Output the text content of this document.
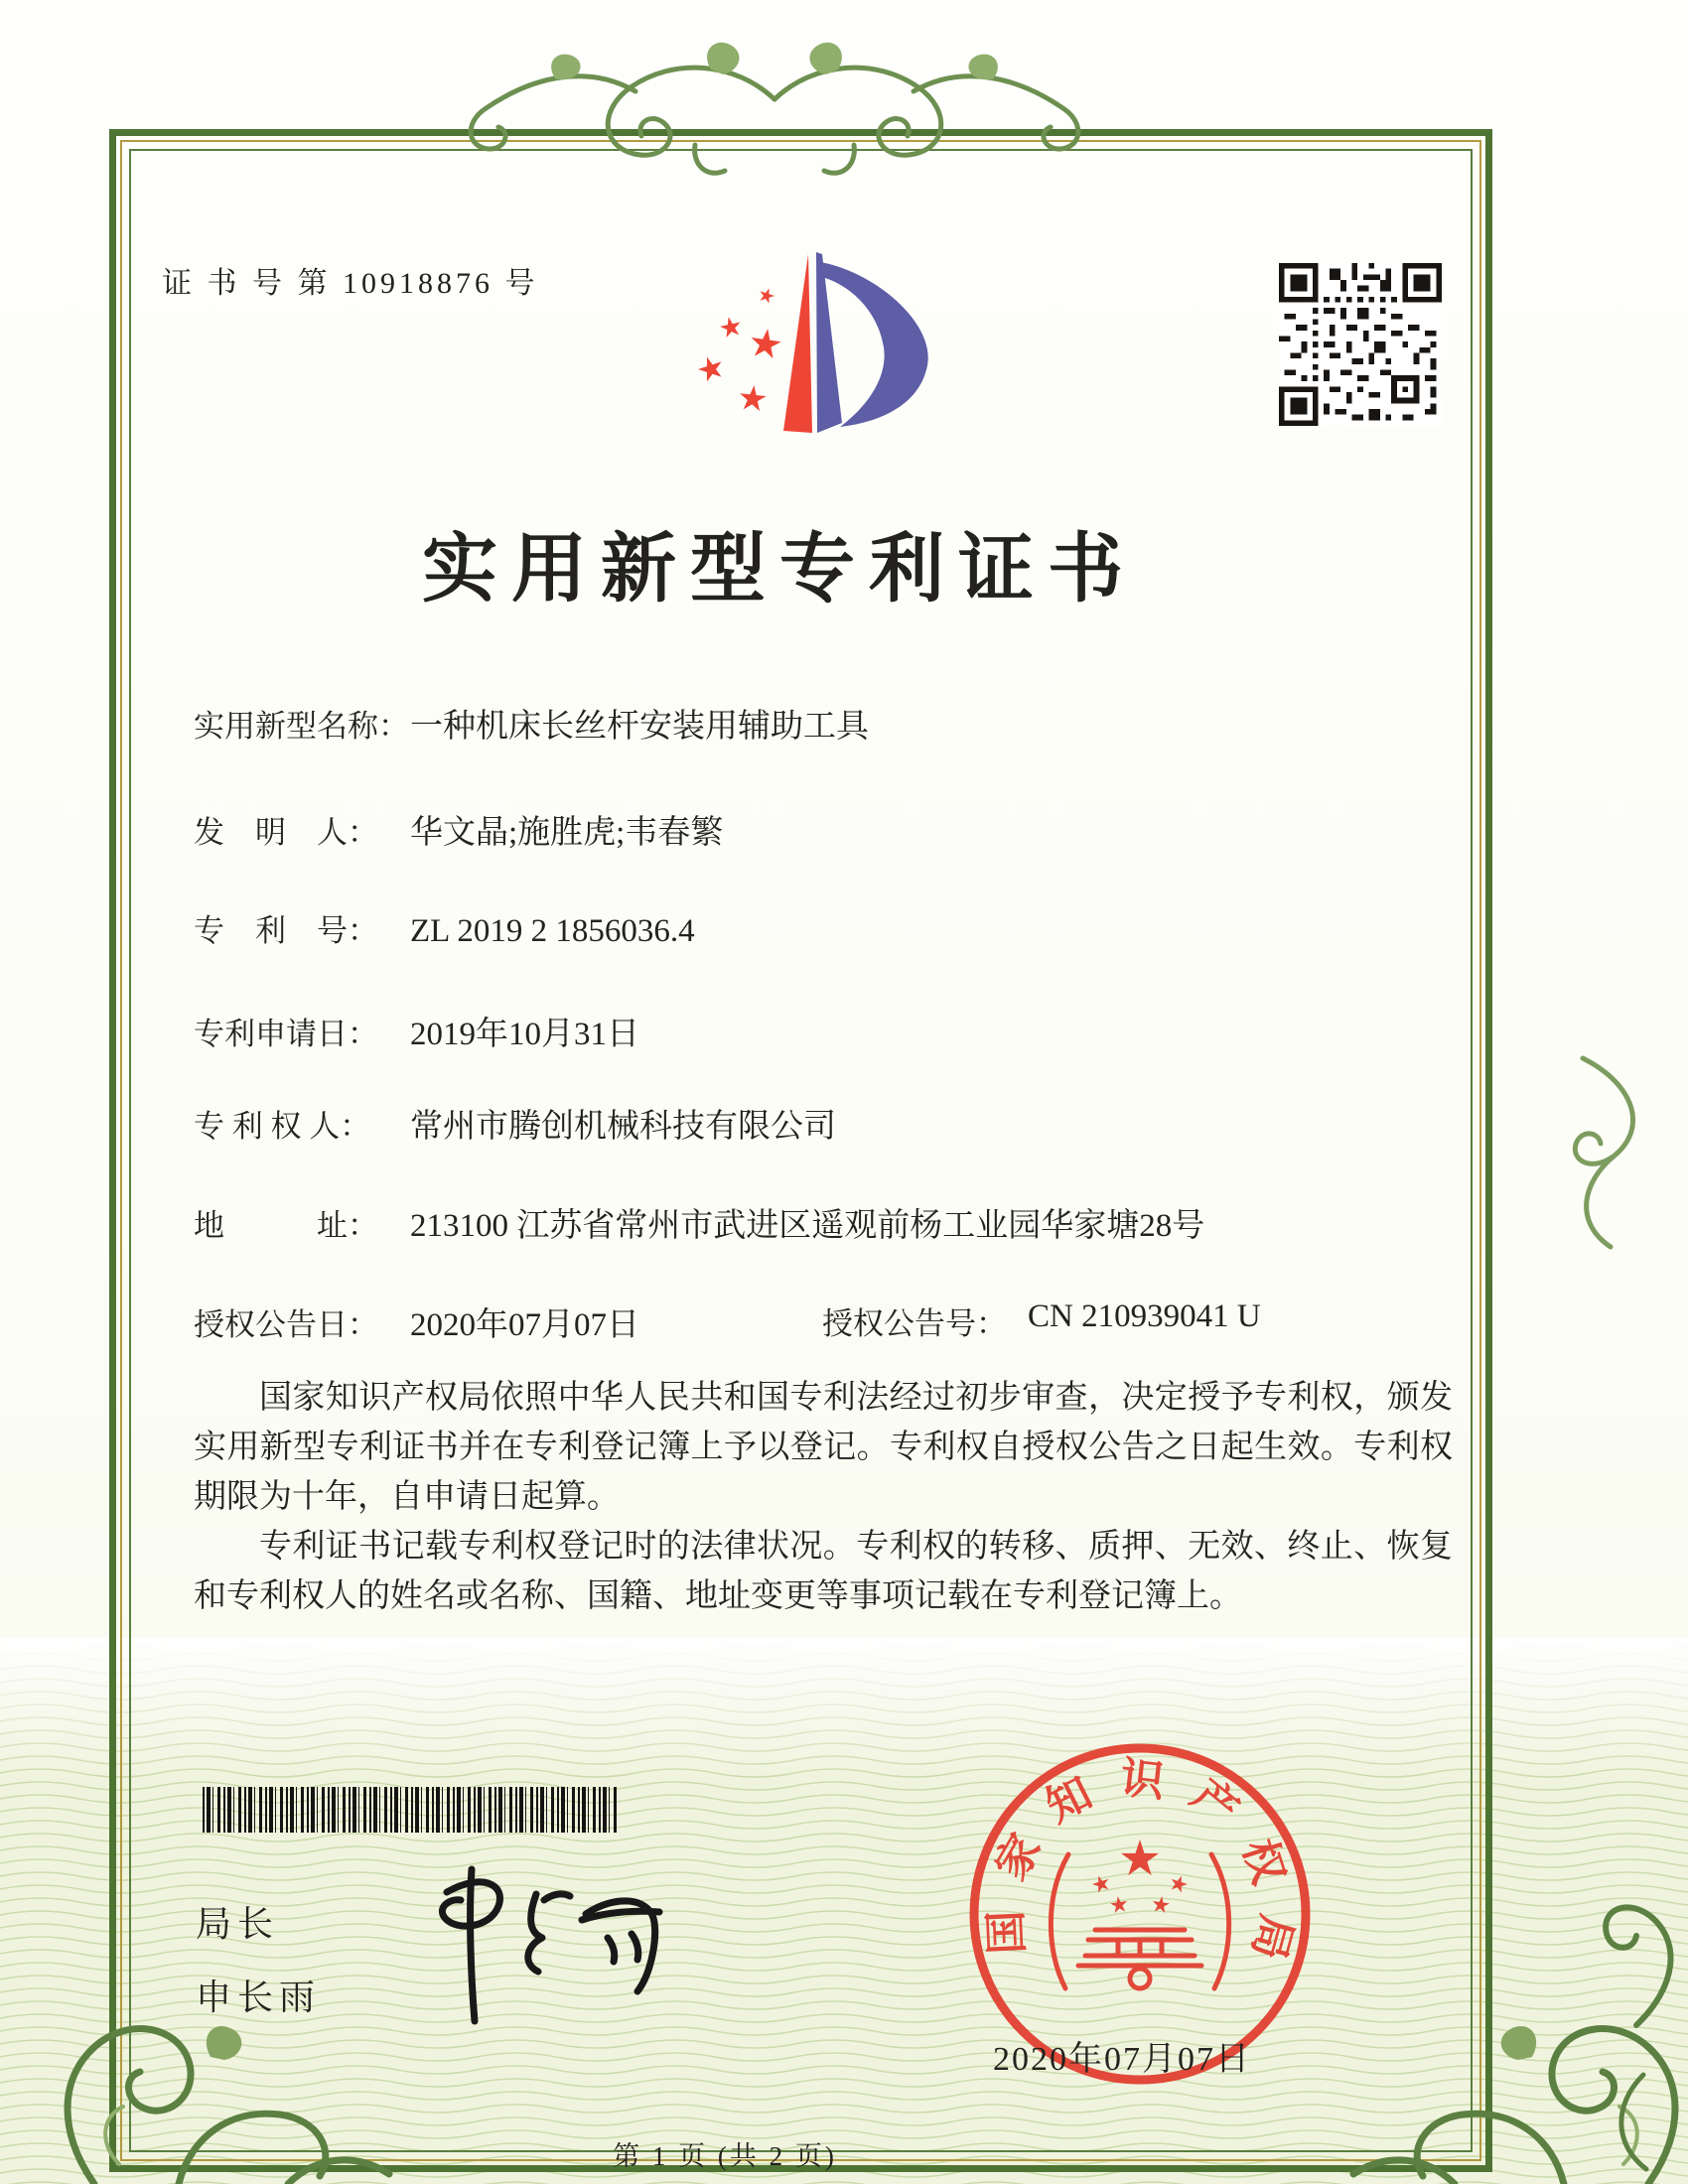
证 书 号 第 10918876 号
实用新型专利证书
实用新型名称：一种机床长丝杆安装用辅助工具
发　明　人： 华文晶;施胜虎;韦春繁
专　利　号： ZL 2019 2 1856036.4
专利申请日： 2019年10月31日
专 利 权 人： 常州市腾创机械科技有限公司
地　　　址： 213100 江苏省常州市武进区遥观前杨工业园华家塘28号
授权公告日： 2020年07月07日	授权公告号： CN 210939041 U

国家知识产权局依照中华人民共和国专利法经过初步审查，决定授予专利权，颁发实用新型专利证书并在专利登记簿上予以登记。专利权自授权公告之日起生效。专利权期限为十年，自申请日起算。

专利证书记载专利权登记时的法律状况。专利权的转移、质押、无效、终止、恢复和专利权人的姓名或名称、国籍、地址变更等事项记载在专利登记簿上。

局长
申长雨
国家知识产权局
2020年07月07日
第 1 页 (共 2 页)
